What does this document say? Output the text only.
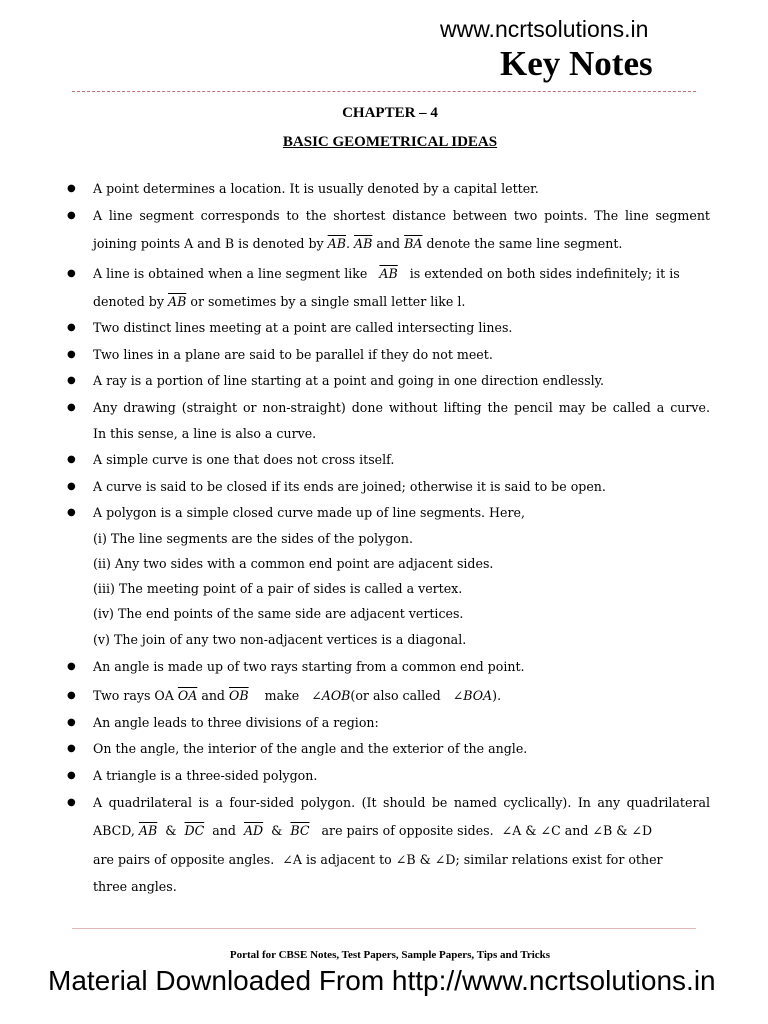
www.ncrtsolutions.in
Key Notes
CHAPTER – 4
BASIC GEOMETRICAL IDEAS
● A point determines a location. It is usually denoted by a capital letter.
● A line segment corresponds to the shortest distance between two points. The line segment
joining points A and B is denoted by $\overline{AB}$. $\overline{AB}$ and $\overline{BA}$ denote the same line segment.
● A line is obtained when a line segment like $\overline{AB}$ is extended on both sides indefinitely; it is
denoted by $\overline{AB}$ or sometimes by a single small letter like l.
● Two distinct lines meeting at a point are called intersecting lines.
● Two lines in a plane are said to be parallel if they do not meet.
● A ray is a portion of line starting at a point and going in one direction endlessly.
● Any drawing (straight or non-straight) done without lifting the pencil may be called a curve.
In this sense, a line is also a curve.
● A simple curve is one that does not cross itself.
● A curve is said to be closed if its ends are joined; otherwise it is said to be open.
● A polygon is a simple closed curve made up of line segments. Here,
(i) The line segments are the sides of the polygon.
(ii) Any two sides with a common end point are adjacent sides.
(iii) The meeting point of a pair of sides is called a vertex.
(iv) The end points of the same side are adjacent vertices.
(v) The join of any two non-adjacent vertices is a diagonal.
● An angle is made up of two rays starting from a common end point.
● Two rays OA $\overline{OA}$ and $\overline{OB}$ make ∠AOB(or also called ∠BOA).
● An angle leads to three divisions of a region:
● On the angle, the interior of the angle and the exterior of the angle.
● A triangle is a three-sided polygon.
● A quadrilateral is a four-sided polygon. (It should be named cyclically). In any quadrilateral
ABCD, $\overline{AB}$ & $\overline{DC}$ and $\overline{AD}$ & $\overline{BC}$ are pairs of opposite sides. ∠A & ∠C and ∠B & ∠D
are pairs of opposite angles. ∠A is adjacent to ∠B & ∠D; similar relations exist for other
three angles.
Portal for CBSE Notes, Test Papers, Sample Papers, Tips and Tricks
Material Downloaded From http://www.ncrtsolutions.in
